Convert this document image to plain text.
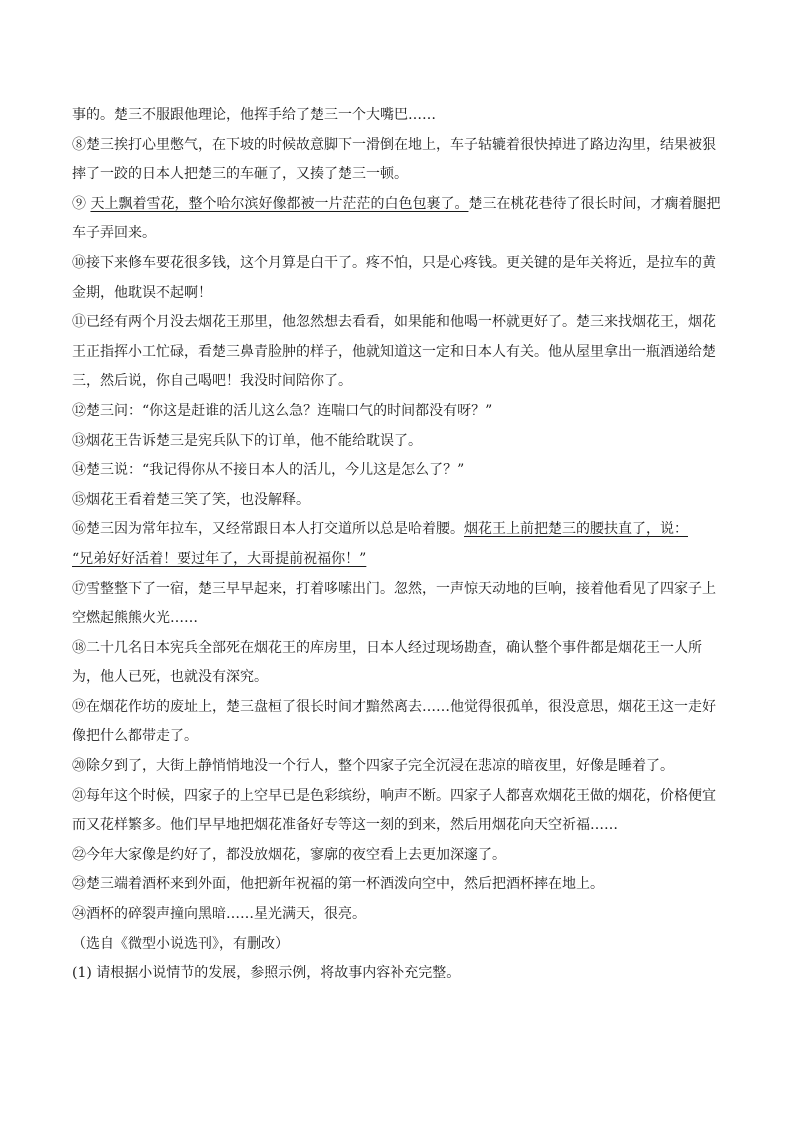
事的。楚三不服跟他理论，他挥手给了楚三一个大嘴巴……
⑧楚三挨打心里憋气，在下坡的时候故意脚下一滑倒在地上，车子轱辘着很快掉进了路边沟里，结果被狠
摔了一跤的日本人把楚三的车砸了，又揍了楚三一顿。
⑨ 天上飘着雪花，整个哈尔滨好像都被一片茫茫的白色包裹了。楚三在桃花巷待了很长时间，才瘸着腿把
车子弄回来。
⑩接下来修车要花很多钱，这个月算是白干了。疼不怕，只是心疼钱。更关键的是年关将近，是拉车的黄
金期，他耽误不起啊！
⑪已经有两个月没去烟花王那里，他忽然想去看看，如果能和他喝一杯就更好了。楚三来找烟花王，烟花
王正指挥小工忙碌，看楚三鼻青脸肿的样子，他就知道这一定和日本人有关。他从屋里拿出一瓶酒递给楚
三，然后说，你自己喝吧！我没时间陪你了。
⑫楚三问：“你这是赶谁的活儿这么急？连喘口气的时间都没有呀？”
⑬烟花王告诉楚三是宪兵队下的订单，他不能给耽误了。
⑭楚三说：“我记得你从不接日本人的活儿，今儿这是怎么了？”
⑮烟花王看着楚三笑了笑，也没解释。
⑯楚三因为常年拉车，又经常跟日本人打交道所以总是哈着腰。烟花王上前把楚三的腰扶直了，说：
“兄弟好好活着！要过年了，大哥提前祝福你！”
⑰雪整整下了一宿，楚三早早起来，打着哆嗦出门。忽然，一声惊天动地的巨响，接着他看见了四家子上
空燃起熊熊火光……
⑱二十几名日本宪兵全部死在烟花王的库房里，日本人经过现场勘查，确认整个事件都是烟花王一人所
为，他人已死，也就没有深究。
⑲在烟花作坊的废址上，楚三盘桓了很长时间才黯然离去……他觉得很孤单，很没意思，烟花王这一走好
像把什么都带走了。
⑳除夕到了，大街上静悄悄地没一个行人，整个四家子完全沉浸在悲凉的暗夜里，好像是睡着了。
㉑每年这个时候，四家子的上空早已是色彩缤纷，响声不断。四家子人都喜欢烟花王做的烟花，价格便宜
而又花样繁多。他们早早地把烟花准备好专等这一刻的到来，然后用烟花向天空祈福……
㉒今年大家像是约好了，都没放烟花，寥廓的夜空看上去更加深邃了。
㉓楚三端着酒杯来到外面，他把新年祝福的第一杯酒泼向空中，然后把酒杯摔在地上。
㉔酒杯的碎裂声撞向黑暗……星光满天，很亮。
（选自《微型小说选刊》，有删改）
(1) 请根据小说情节的发展，参照示例，将故事内容补充完整。
